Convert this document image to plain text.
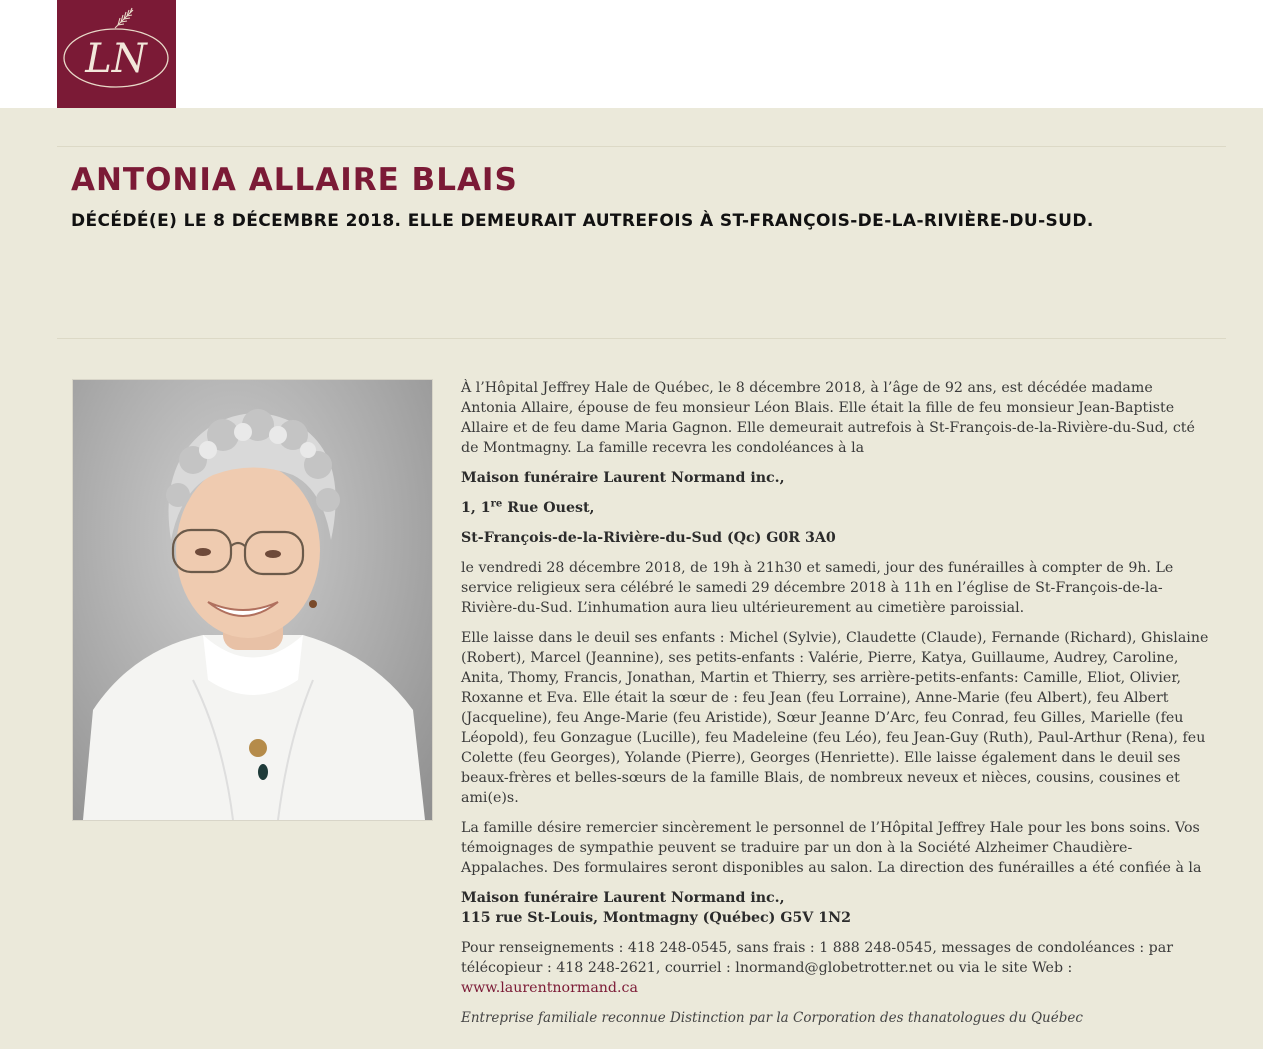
LN
ANTONIA ALLAIRE BLAIS
DÉCÉDÉ(E) LE 8 DÉCEMBRE 2018. ELLE DEMEURAIT AUTREFOIS À ST-FRANÇOIS-DE-LA-RIVIÈRE-DU-SUD.

À l’Hôpital Jeffrey Hale de Québec, le 8 décembre 2018, à l’âge de 92 ans, est décédée madame Antonia Allaire, épouse de feu monsieur Léon Blais. Elle était la fille de feu monsieur Jean-Baptiste Allaire et de feu dame Maria Gagnon. Elle demeurait autrefois à St-François-de-la-Rivière-du-Sud, cté de Montmagny. La famille recevra les condoléances à la

Maison funéraire Laurent Normand inc.,

1, 1re Rue Ouest,

St-François-de-la-Rivière-du-Sud (Qc) G0R 3A0

le vendredi 28 décembre 2018, de 19h à 21h30 et samedi, jour des funérailles à compter de 9h. Le service religieux sera célébré le samedi 29 décembre 2018 à 11h en l’église de St-François-de-la-Rivière-du-Sud. L’inhumation aura lieu ultérieurement au cimetière paroissial.

Elle laisse dans le deuil ses enfants : Michel (Sylvie), Claudette (Claude), Fernande (Richard), Ghislaine (Robert), Marcel (Jeannine), ses petits-enfants : Valérie, Pierre, Katya, Guillaume, Audrey, Caroline, Anita, Thomy, Francis, Jonathan, Martin et Thierry, ses arrière-petits-enfants: Camille, Eliot, Olivier, Roxanne et Eva. Elle était la sœur de : feu Jean (feu Lorraine), Anne-Marie (feu Albert), feu Albert (Jacqueline), feu Ange-Marie (feu Aristide), Sœur Jeanne D’Arc, feu Conrad, feu Gilles, Marielle (feu Léopold), feu Gonzague (Lucille), feu Madeleine (feu Léo), feu Jean-Guy (Ruth), Paul-Arthur (Rena), feu Colette (feu Georges), Yolande (Pierre), Georges (Henriette). Elle laisse également dans le deuil ses beaux-frères et belles-sœurs de la famille Blais, de nombreux neveux et nièces, cousins, cousines et ami(e)s.

La famille désire remercier sincèrement le personnel de l’Hôpital Jeffrey Hale pour les bons soins. Vos témoignages de sympathie peuvent se traduire par un don à la Société Alzheimer Chaudière-Appalaches. Des formulaires seront disponibles au salon. La direction des funérailles a été confiée à la

Maison funéraire Laurent Normand inc.,
115 rue St-Louis, Montmagny (Québec) G5V 1N2

Pour renseignements : 418 248-0545, sans frais : 1 888 248-0545, messages de condoléances : par télécopieur : 418 248-2621, courriel : lnormand@globetrotter.net ou via le site Web :
www.laurentnormand.ca

Entreprise familiale reconnue Distinction par la Corporation des thanatologues du Québec
